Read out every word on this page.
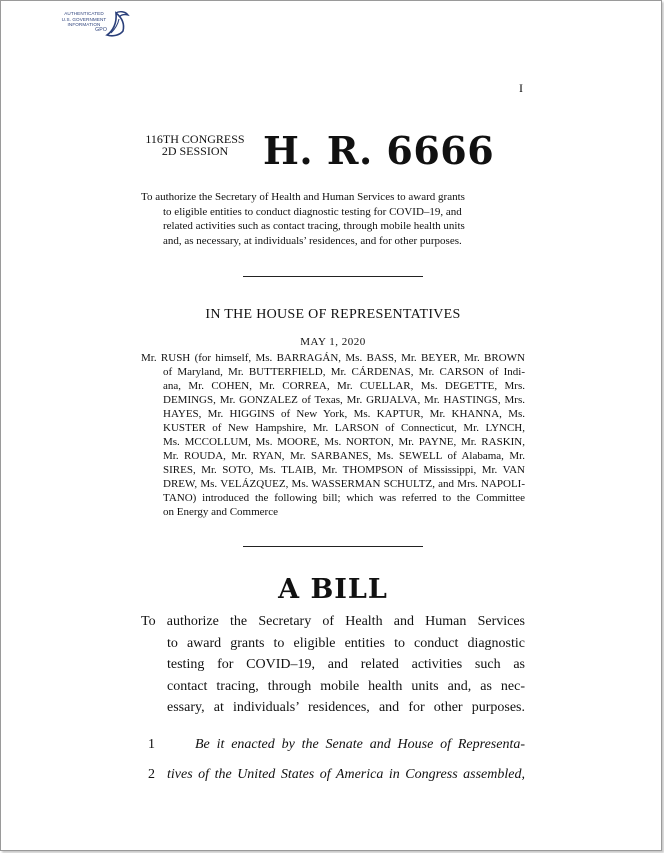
AUTHENTICATED
U.S. GOVERNMENT
INFORMATION
GPO
I
116TH CONGRESS
2D SESSION H. R. 6666
To authorize the Secretary of Health and Human Services to award grants
to eligible entities to conduct diagnostic testing for COVID–19, and
related activities such as contact tracing, through mobile health units
and, as necessary, at individuals’ residences, and for other purposes.
IN THE HOUSE OF REPRESENTATIVES
MAY 1, 2020
Mr. RUSH (for himself, Ms. BARRAGÁN, Ms. BASS, Mr. BEYER, Mr. BROWN
of Maryland, Mr. BUTTERFIELD, Mr. CÁRDENAS, Mr. CARSON of Indi-
ana, Mr. COHEN, Mr. CORREA, Mr. CUELLAR, Ms. DEGETTE, Mrs.
DEMINGS, Mr. GONZALEZ of Texas, Mr. GRIJALVA, Mr. HASTINGS, Mrs.
HAYES, Mr. HIGGINS of New York, Ms. KAPTUR, Mr. KHANNA, Ms.
KUSTER of New Hampshire, Mr. LARSON of Connecticut, Mr. LYNCH,
Ms. MCCOLLUM, Ms. MOORE, Ms. NORTON, Mr. PAYNE, Mr. RASKIN,
Mr. ROUDA, Mr. RYAN, Mr. SARBANES, Ms. SEWELL of Alabama, Mr.
SIRES, Mr. SOTO, Ms. TLAIB, Mr. THOMPSON of Mississippi, Mr. VAN
DREW, Ms. VELÁZQUEZ, Ms. WASSERMAN SCHULTZ, and Mrs. NAPOLI-
TANO) introduced the following bill; which was referred to the Committee
on Energy and Commerce
A BILL
To authorize the Secretary of Health and Human Services
to award grants to eligible entities to conduct diagnostic
testing for COVID–19, and related activities such as
contact tracing, through mobile health units and, as nec-
essary, at individuals’ residences, and for other purposes.
1	Be it enacted by the Senate and House of Representa-
2 tives of the United States of America in Congress assembled,
